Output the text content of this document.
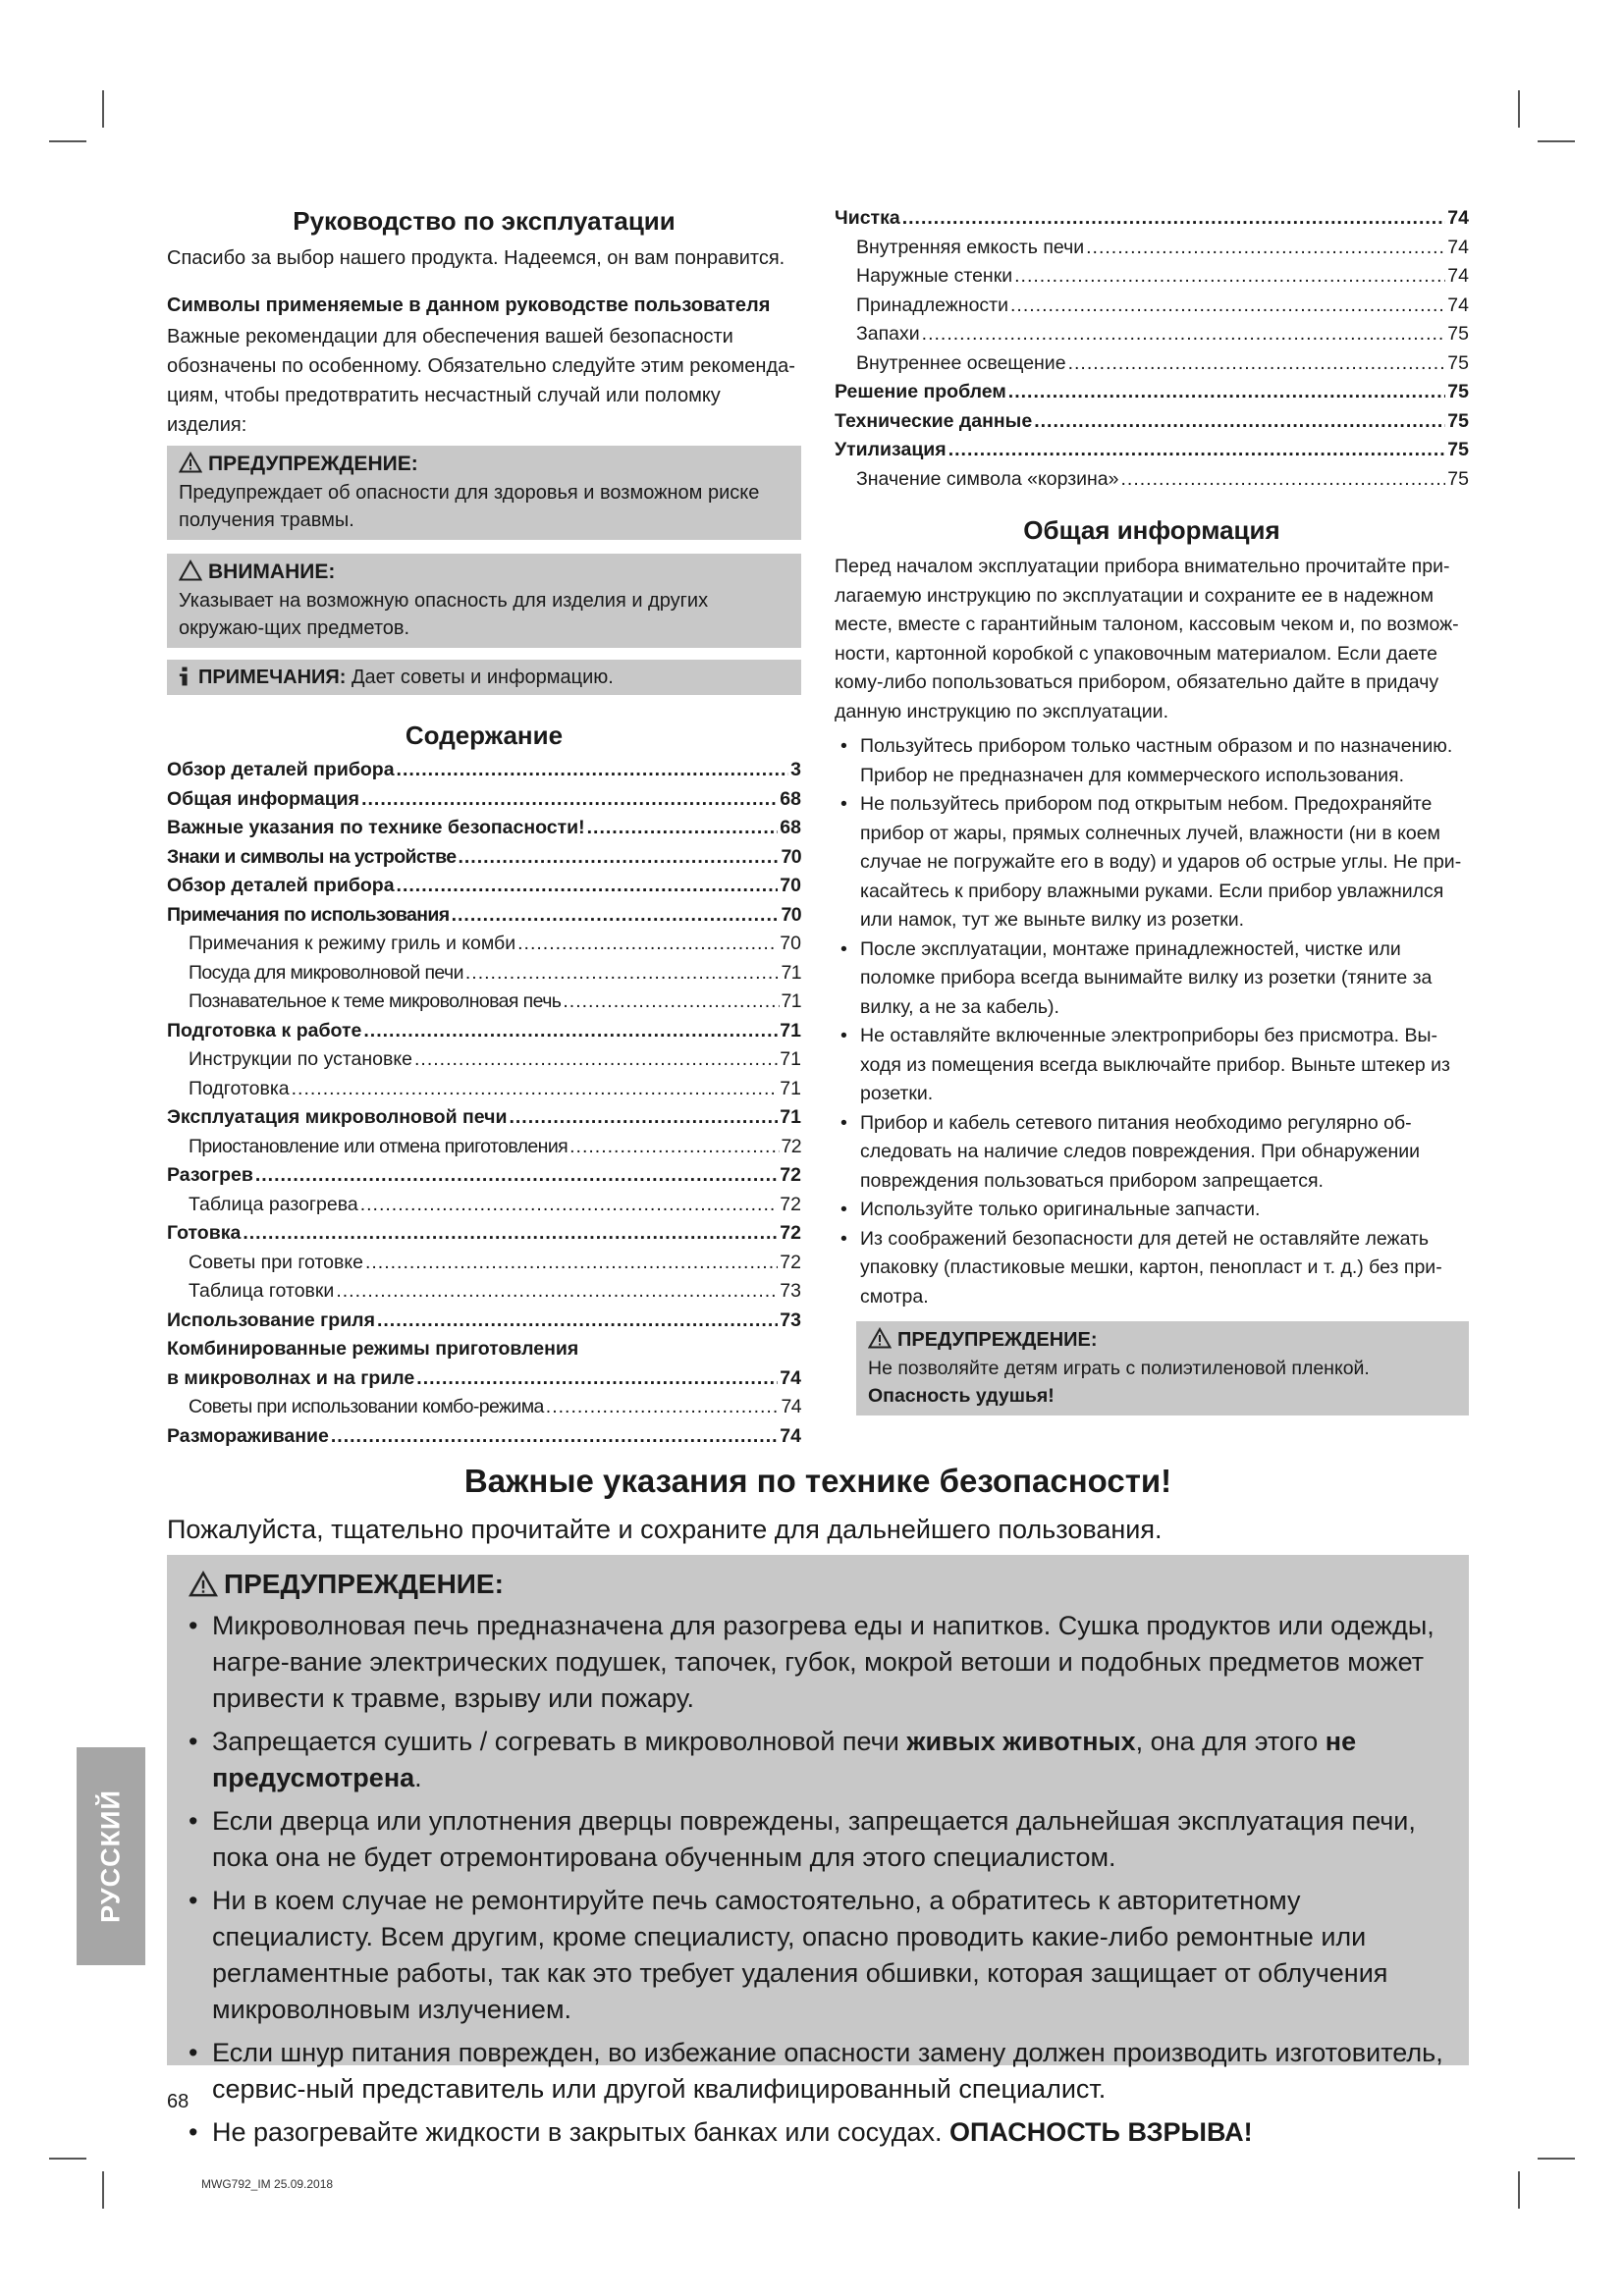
Руководство по эксплуатации

Спасибо за выбор нашего продукта. Надеемся, он вам понравится.

Символы применяемые в данном руководстве пользователя

Важные рекомендации для обеспечения вашей безопасности обозначены по особенному. Обязательно следуйте этим рекоменда-циям, чтобы предотвратить несчастный случай или поломку изделия:

ПРЕДУПРЕЖДЕНИЕ:
Предупреждает об опасности для здоровья и возможном риске получения травмы.
ВНИМАНИЕ:
Указывает на возможную опасность для изделия и других окружаю-щих предметов.
ПРИМЕЧАНИЯ: Дает советы и информацию.
Содержание
Обзор деталей прибора .....	3
Общая информация .....	68
Важные указания по технике безопасности! .....	68
Знаки и символы на устройстве .....	70
Обзор деталей прибора .....	70
Примечания по использования .....	70
Примечания к режиму гриль и комби .....	70
Посуда для микроволновой печи .....	71
Познавательное к теме микроволновая печь .....	71
Подготовка к работе .....	71
Инструкции по установке .....	71
Подготовка .....	71
Эксплуатация микроволновой печи .....	71
Приостановление или отмена приготовления .....	72
Разогрев .....	72
Таблица разогрева .....	72
Готовка .....	72
Советы при готовке .....	72
Таблица готовки .....	73
Использование гриля .....	73
Комбинированные режимы приготовления
в микроволнах и на гриле .....	74
Советы при использовании комбо-режима .....	74
Размораживание .....	74
Чистка .....	74
Внутренняя емкость печи .....	74
Наружные стенки .....	74
Принадлежности .....	74
Запахи .....	75
Внутреннее освещение .....	75
Решение проблем .....	75
Технические данные .....	75
Утилизация .....	75
Значение символа «корзина» .....	75
Общая информация

Перед началом эксплуатации прибора внимательно прочитайте при-лагаемую инструкцию по эксплуатации и сохраните ее в надежном месте, вместе с гарантийным талоном, кассовым чеком и, по возмож-ности, картонной коробкой с упаковочным материалом. Если даете кому-либо попользоваться прибором, обязательно дайте в придачу данную инструкцию по эксплуатации.

• Пользуйтесь прибором только частным образом и по назначению. Прибор не предназначен для коммерческого использования.
• Не пользуйтесь прибором под открытым небом. Предохраняйте прибор от жары, прямых солнечных лучей, влажности (ни в коем случае не погружайте его в воду) и ударов об острые углы. Не при-касайтесь к прибору влажными руками. Если прибор увлажнился или намок, тут же выньте вилку из розетки.
• После эксплуатации, монтаже принадлежностей, чистке или поломке прибора всегда вынимайте вилку из розетки (тяните за вилку, а не за кабель).
• Не оставляйте включенные электроприборы без присмотра. Вы-ходя из помещения всегда выключайте прибор. Выньте штекер из розетки.
• Прибор и кабель сетевого питания необходимо регулярно об-следовать на наличие следов повреждения. При обнаружении повреждения пользоваться прибором запрещается.
• Используйте только оригинальные запчасти.
• Из соображений безопасности для детей не оставляйте лежать упаковку (пластиковые мешки, картон, пенопласт и т. д.) без при-смотра.
ПРЕДУПРЕЖДЕНИЕ:
Не позволяйте детям играть с полиэтиленовой пленкой.
Опасность удушья!
Важные указания по технике безопасности!
Пожалуйста, тщательно прочитайте и сохраните для дальнейшего пользования.
ПРЕДУПРЕЖДЕНИЕ:
• Микроволновая печь предназначена для разогрева еды и напитков. Сушка продуктов или одежды, нагре-вание электрических подушек, тапочек, губок, мокрой ветоши и подобных предметов может привести к травме, взрыву или пожару.
• Запрещается сушить / согревать в микроволновой печи живых животных, она для этого не предусмотрена.
• Если дверца или уплотнения дверцы повреждены, запрещается дальнейшая эксплуатация печи, пока она не будет отремонтирована обученным для этого специалистом.
• Ни в коем случае не ремонтируйте печь самостоятельно, а обратитесь к авторитетному специалисту. Всем другим, кроме специалисту, опасно проводить какие-либо ремонтные или регламентные работы, так как это требует удаления обшивки, которая защищает от облучения микроволновым излучением.
• Если шнур питания поврежден, во избежание опасности замену должен производить изготовитель, сервис-ный представитель или другой квалифицированный специалист.
• Не разогревайте жидкости в закрытых банках или сосудах. ОПАСНОСТЬ ВЗРЫВА!
РУССКИЙ
68
MWG792_IM 25.09.2018
